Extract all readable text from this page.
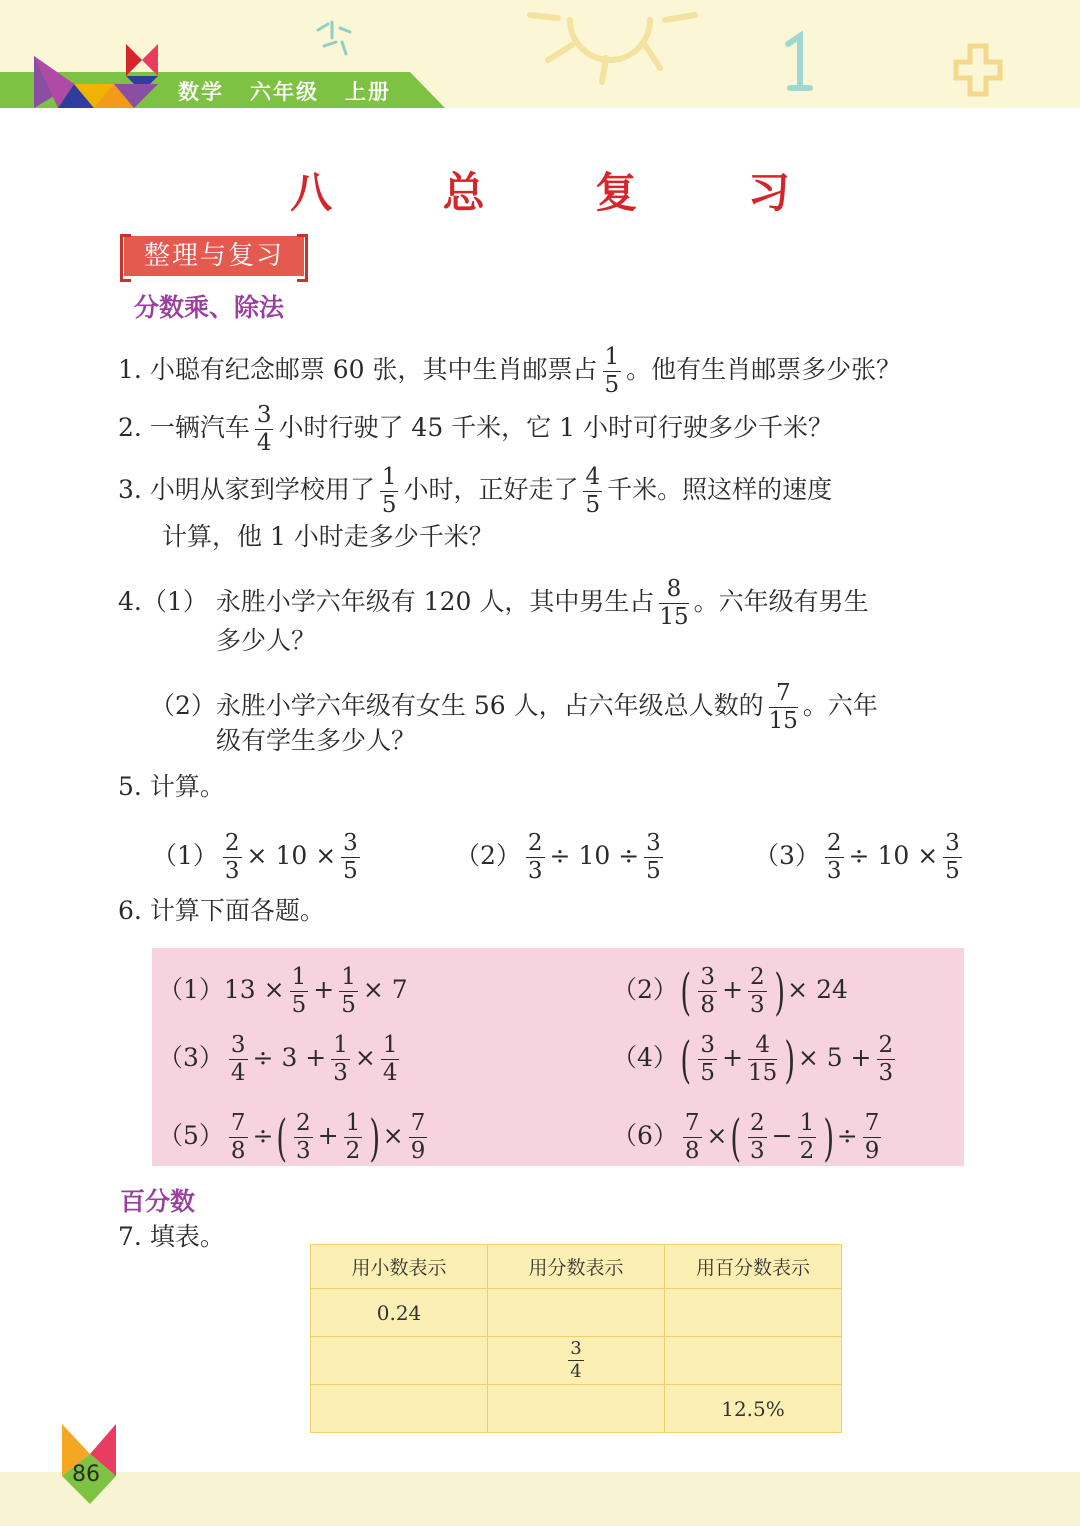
数学 六年级 上册
八 总 复 习
整理与复习
分数乘、除法
1. 小聪有纪念邮票 60 张，其中生肖邮票占 $\frac{1}{5}$ 。他有生肖邮票多少张？
2. 一辆汽车 $\frac{3}{4}$ 小时行驶了 45 千米，它 1 小时可行驶多少千米？
3. 小明从家到学校用了 $\frac{1}{5}$ 小时，正好走了 $\frac{4}{5}$ 千米。照这样的速度
计算，他 1 小时走多少千米？
4.（1） 永胜小学六年级有 120 人，其中男生占 $\frac{8}{15}$ 。六年级有男生
多少人？
（2）永胜小学六年级有女生 56 人，占六年级总人数的 $\frac{7}{15}$ 。六年
级有学生多少人？
5. 计算。
$(1) \frac{2}{3} \times 10 \times \frac{3}{5}$	$(2) \frac{2}{3} \div 10 \div \frac{3}{5}$	$(3) \frac{2}{3} \div 10 \times \frac{3}{5}$
6. 计算下面各题。
$(1)13 \times \frac{1}{5} + \frac{1}{5} \times 7$	$(2)( \frac{3}{8} + \frac{2}{3}$ )× 24
$(3) \frac{3}{4} \div 3 + \frac{1}{3} \times \frac{1}{4}$	$(4)( \frac{3}{5} + \frac{4}{15}$ )× $5 + \frac{2}{3}$
$(5) \frac{7}{8}$ ÷( $\frac{2}{3} + \frac{1}{2}$ )× $\frac{7}{9}$	$(6) \frac{7}{8}$ ×( $\frac{2}{3} - \frac{1}{2}$ )÷ $\frac{7}{9}$
百分数
7. 填表。
用小数表示	用分数表示	用百分数表示
0.24		

	$\frac{3}{4}$

		12.5%
86
